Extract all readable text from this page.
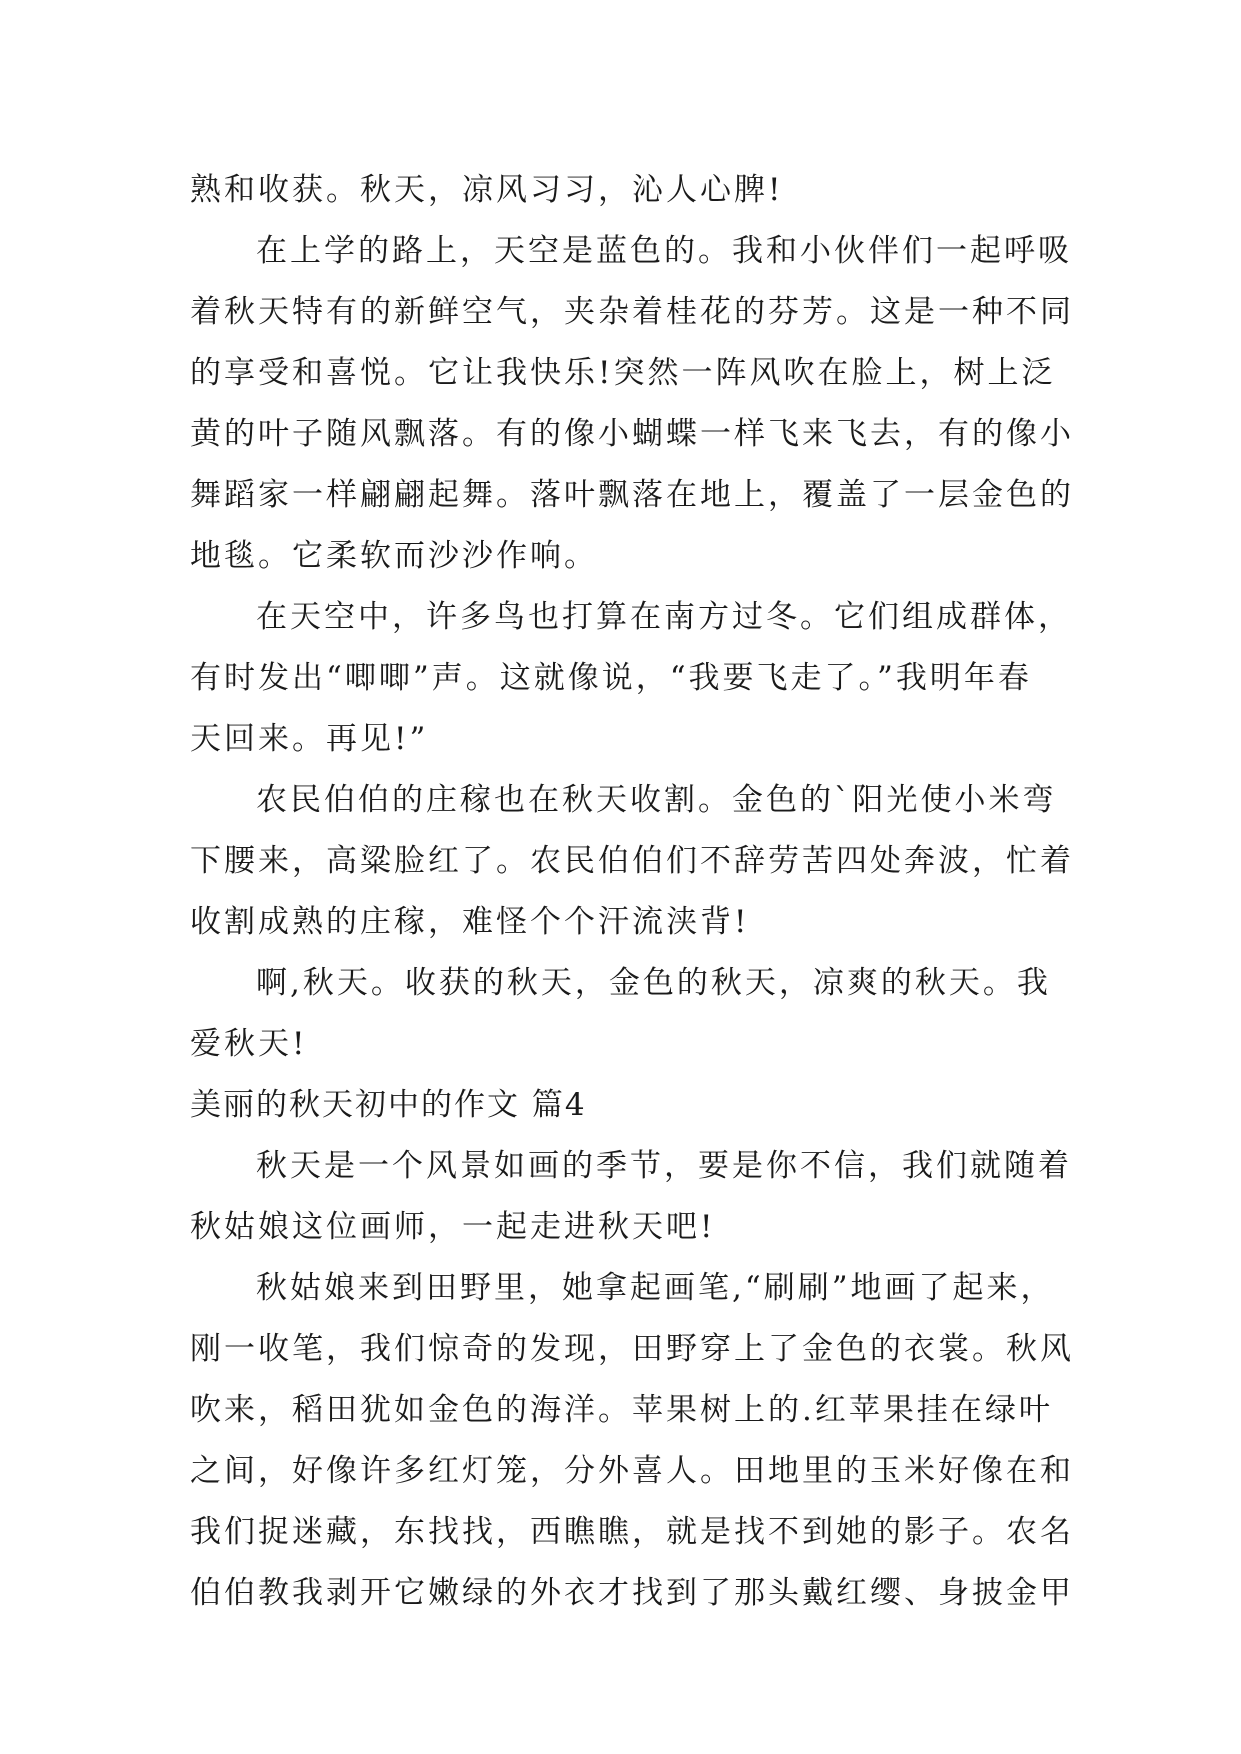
熟和收获。秋天，凉风习习，沁人心脾!
在上学的路上，天空是蓝色的。我和小伙伴们一起呼吸
着秋天特有的新鲜空气，夹杂着桂花的芬芳。这是一种不同
的享受和喜悦。它让我快乐!突然一阵风吹在脸上，树上泛
黄的叶子随风飘落。有的像小蝴蝶一样飞来飞去，有的像小
舞蹈家一样翩翩起舞。落叶飘落在地上，覆盖了一层金色的
地毯。它柔软而沙沙作响。
在天空中，许多鸟也打算在南方过冬。它们组成群体，
有时发出“唧唧”声。这就像说，“我要飞走了。”我明年春
天回来。再见!”
农民伯伯的庄稼也在秋天收割。金色的`阳光使小米弯
下腰来，高粱脸红了。农民伯伯们不辞劳苦四处奔波，忙着
收割成熟的庄稼，难怪个个汗流浃背!
啊,秋天。收获的秋天，金色的秋天，凉爽的秋天。我
爱秋天!
美丽的秋天初中的作文 篇4
秋天是一个风景如画的季节，要是你不信，我们就随着
秋姑娘这位画师，一起走进秋天吧!
秋姑娘来到田野里，她拿起画笔,“刷刷”地画了起来，
刚一收笔，我们惊奇的发现，田野穿上了金色的衣裳。秋风
吹来，稻田犹如金色的海洋。苹果树上的.红苹果挂在绿叶
之间，好像许多红灯笼，分外喜人。田地里的玉米好像在和
我们捉迷藏，东找找，西瞧瞧，就是找不到她的影子。农名
伯伯教我剥开它嫩绿的外衣才找到了那头戴红缨、身披金甲
